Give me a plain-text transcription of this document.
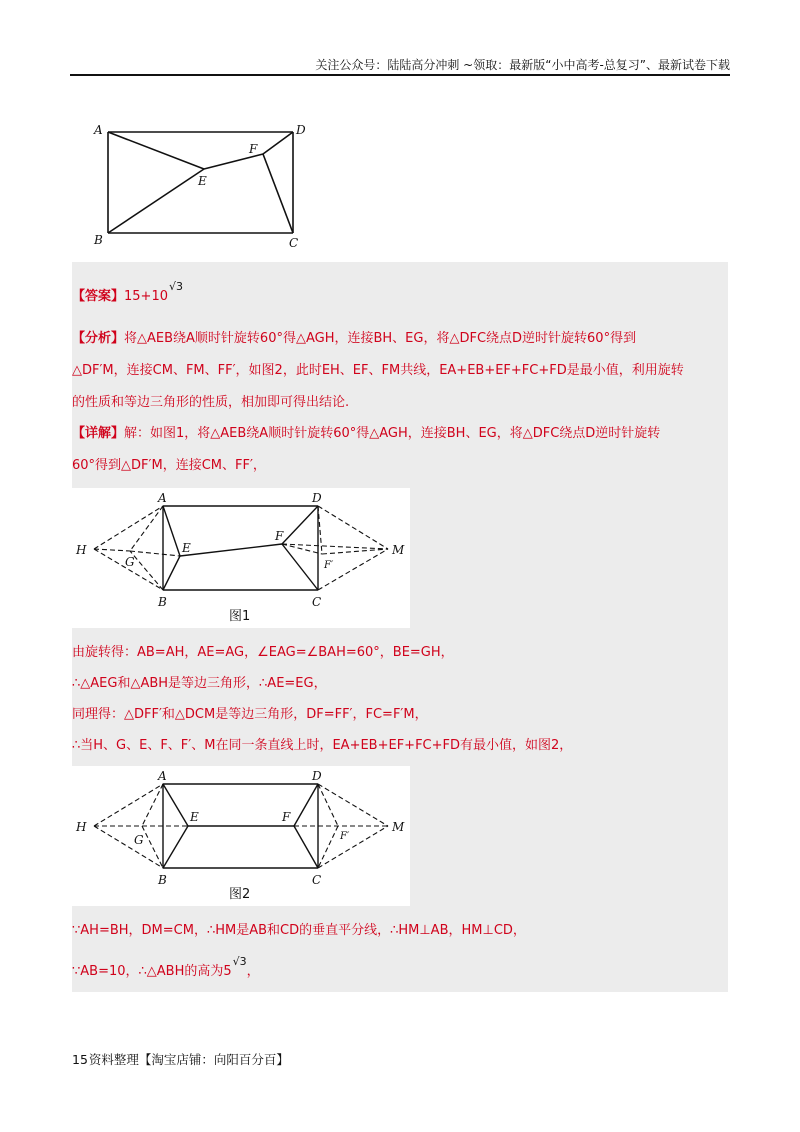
关注公众号：陆陆高分冲刺 ~领取：最新版“小中高考-总复习”、最新试卷下载
A
B	C
D
E
F
【答案】$15+10^{√3}$
【分析】将△AEB绕A顺时针旋转60°得△AGH，连接BH、EG，将△DFC绕点D逆时针旋转60°得到
△DF′M，连接CM、FM、FF′，如图2，此时EH、EF、FM共线，EA+EB+EF+FC+FD是最小值，利用旋转
的性质和等边三角形的性质，相加即可得出结论.
【详解】解：如图1，将△AEB绕A顺时针旋转60°得△AGH，连接BH、EG，将△DFC绕点D逆时针旋转
60°得到△DF′M，连接CM、FF′，
A
B	C
D
E
F
G
H	M
F′
图1
由旋转得：AB=AH，AE=AG，∠EAG=∠BAH=60°，BE=GH，
∴△AEG和△ABH是等边三角形，∴AE=EG，
同理得：△DFF′和△DCM是等边三角形，DF=FF′，FC=F′M，
∴当H、G、E、F、F′、M在同一条直线上时，EA+EB+EF+FC+FD有最小值，如图2，
A
B	C
D
E	F
G
H	M
F′
图2
∵AH=BH，DM=CM，∴HM是AB和CD的垂直平分线，∴HM⊥AB，HM⊥CD，
∵AB=10，∴△ABH的高为$5^{√3}$，
15资料整理【淘宝店铺：向阳百分百】
